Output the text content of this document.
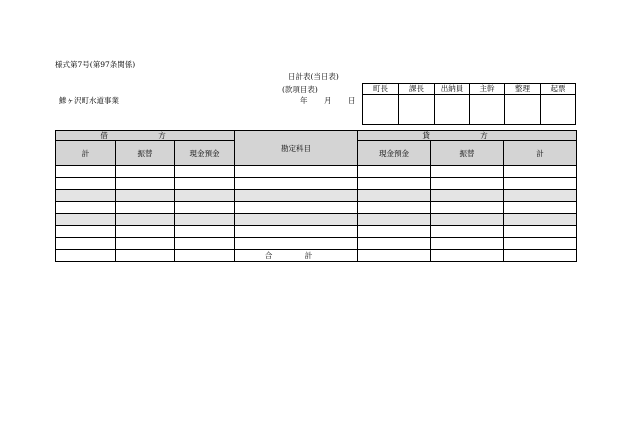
様式第7号(第97条関係)
日計表(当日表)
(款項目表)
鰺ヶ沢町水道事業	年 月 日
町長	課長	出納員	主幹	整理	起票

借 方			勘定科目	貸 方		
計	振替	現金預金		現金預金	振替	計

			合 計			
